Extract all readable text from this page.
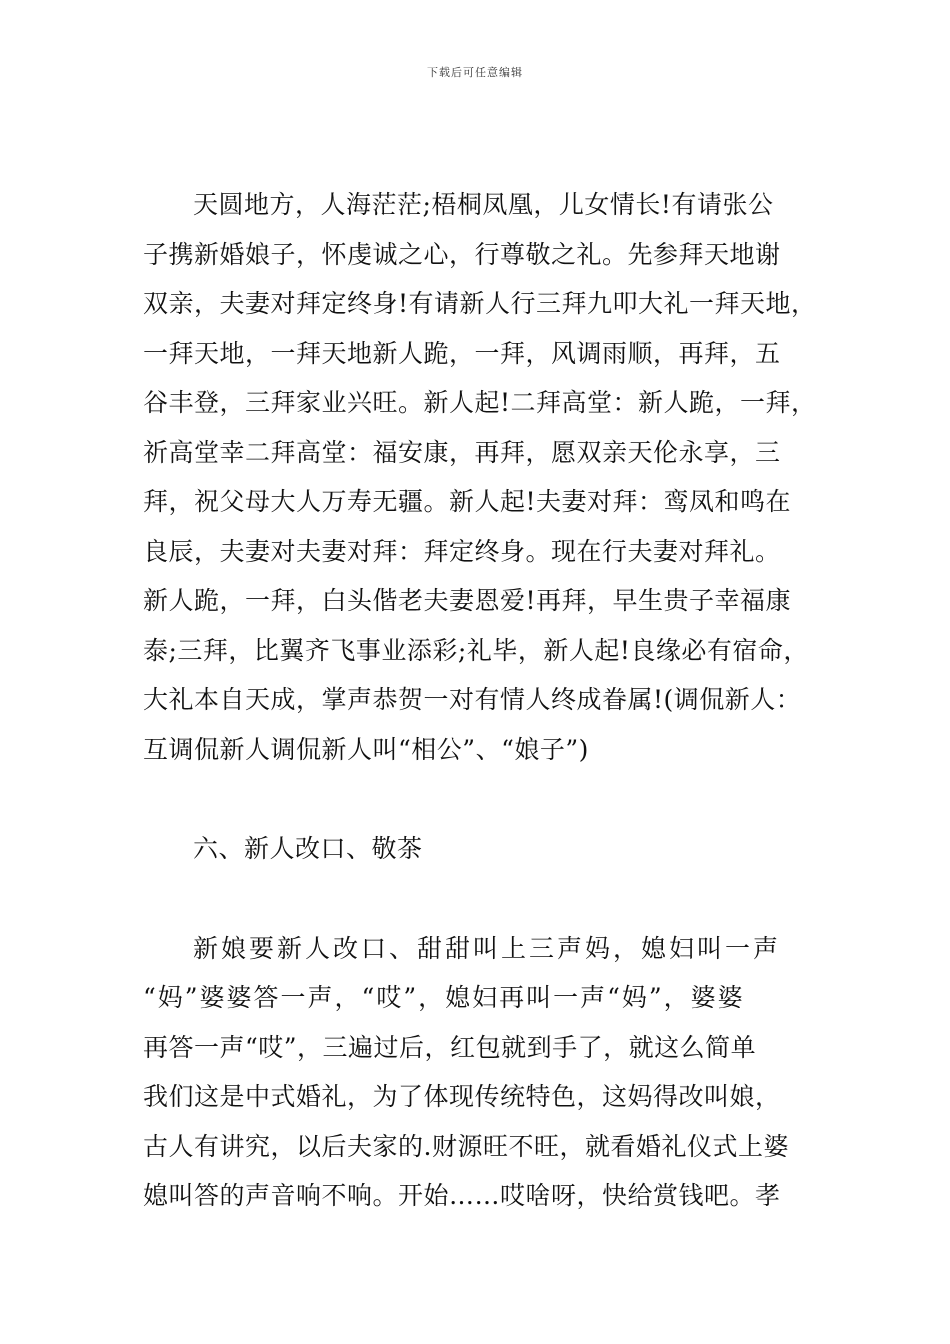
下载后可任意编辑
天圆地方，人海茫茫;梧桐凤凰，儿女情长!有请张公
子携新婚娘子，怀虔诚之心，行尊敬之礼。先参拜天地谢
双亲，夫妻对拜定终身!有请新人行三拜九叩大礼一拜天地，
一拜天地，一拜天地新人跪，一拜，风调雨顺，再拜，五
谷丰登，三拜家业兴旺。新人起!二拜高堂：新人跪，一拜，
祈高堂幸二拜高堂：福安康，再拜，愿双亲天伦永享，三
拜，祝父母大人万寿无疆。新人起!夫妻对拜：鸾凤和鸣在
良辰，夫妻对夫妻对拜：拜定终身。现在行夫妻对拜礼。
新人跪，一拜，白头偕老夫妻恩爱!再拜，早生贵子幸福康
泰;三拜，比翼齐飞事业添彩;礼毕，新人起!良缘必有宿命，
大礼本自天成，掌声恭贺一对有情人终成眷属!(调侃新人：
互调侃新人调侃新人叫“相公”、“娘子”)
六、新人改口、敬茶
新娘要新人改口、甜甜叫上三声妈，媳妇叫一声
“妈”婆婆答一声，“哎”，媳妇再叫一声“妈”，婆婆
再答一声“哎”，三遍过后，红包就到手了，就这么简单
我们这是中式婚礼，为了体现传统特色，这妈得改叫娘，
古人有讲究，以后夫家的.财源旺不旺，就看婚礼仪式上婆
媳叫答的声音响不响。开始……哎啥呀，快给赏钱吧。孝
